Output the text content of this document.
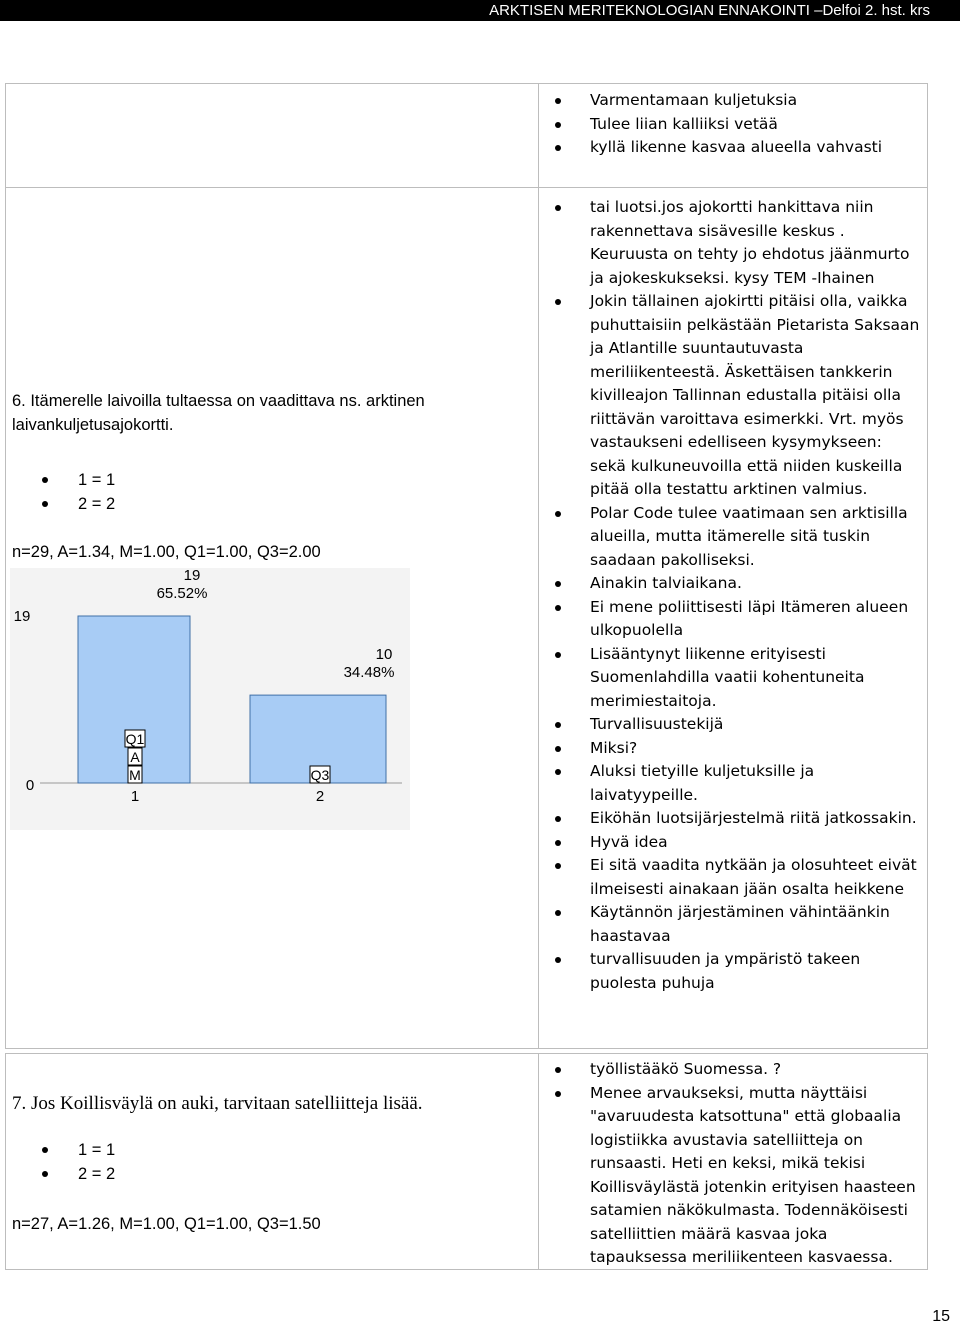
ARKTISEN MERITEKNOLOGIAN ENNAKOINTI –Delfoi 2. hst. krs
Varmentamaan kuljetuksia
Tulee liian kalliiksi vetää
kyllä likenne kasvaa alueella vahvasti
6. Itämerelle laivoilla tultaessa on vaadittava ns. arktinen laivankuljetusajokortti.
1 = 1
2 = 2
n=29, A=1.34, M=1.00, Q1=1.00, Q3=2.00
19
0
19
65.52%
10
34.48%
Q1
A
M	Q3
1	2
tai luotsi.jos ajokortti hankittava niin rakennettava sisävesille keskus . Keuruusta on tehty jo ehdotus jäänmurto ja ajokeskukseksi. kysy TEM -Ihainen
Jokin tällainen ajokirtti pitäisi olla, vaikka puhuttaisiin pelkästään Pietarista Saksaan ja Atlantille suuntautuvasta meriliikenteestä. Äskettäisen tankkerin kivilleajon Tallinnan edustalla pitäisi olla riittävän varoittava esimerkki. Vrt. myös vastaukseni edelliseen kysymykseen: sekä kulkuneuvoilla että niiden kuskeilla pitää olla testattu arktinen valmius.
Polar Code tulee vaatimaan sen arktisilla alueilla, mutta itämerelle sitä tuskin saadaan pakolliseksi.
Ainakin talviaikana.
Ei mene poliittisesti läpi Itämeren alueen ulkopuolella
Lisääntynyt liikenne erityisesti Suomenlahdilla vaatii kohentuneita merimiestaitoja.
Turvallisuustekijä
Miksi?
Aluksi tietyille kuljetuksille ja laivatyypeille.
Eiköhän luotsijärjestelmä riitä jatkossakin.
Hyvä idea
Ei sitä vaadita nytkään ja olosuhteet eivät ilmeisesti ainakaan jään osalta heikkene
Käytännön järjestäminen vähintäänkin haastavaa
turvallisuuden ja ympäristö takeen puolesta puhuja
7. Jos Koillisväylä on auki, tarvitaan satelliitteja lisää.
1 = 1
2 = 2
n=27, A=1.26, M=1.00, Q1=1.00, Q3=1.50
työllistääkö Suomessa. ?
Menee arvaukseksi, mutta näyttäisi "avaruudesta katsottuna" että globaalia logistiikka avustavia satelliitteja on runsaasti. Heti en keksi, mikä tekisi Koillisväylästä jotenkin erityisen haasteen satamien näkökulmasta. Todennäköisesti satelliittien määrä kasvaa joka tapauksessa meriliikenteen kasvaessa.
15
